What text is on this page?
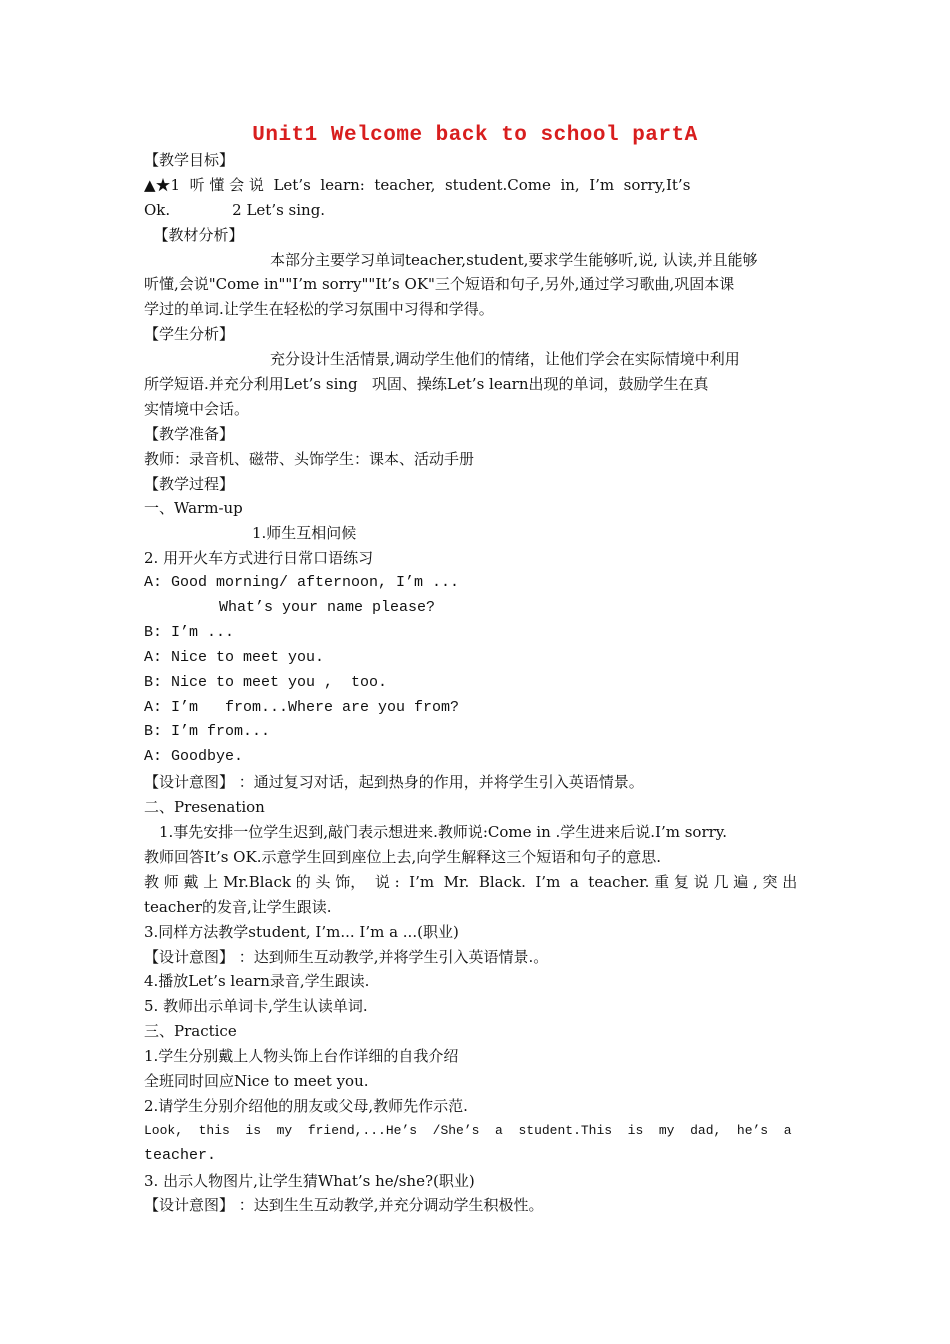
Unit1 Welcome back to school partA
【教学目标】
▲★1  听 懂 会 说  Let’s  learn:  teacher,  student.Come  in,  I’m  sorry,It’s
Ok.             2 Let’s sing.
【教材分析】
本部分主要学习单词teacher,student,要求学生能够听,说, 认读,并且能够
听懂,会说"Come in""I’m sorry""It’s OK"三个短语和句子,另外,通过学习歌曲,巩固本课
学过的单词.让学生在轻松的学习氛围中习得和学得。
【学生分析】
充分设计生活情景,调动学生他们的情绪，让他们学会在实际情境中利用
所学短语.并充分利用Let’s sing   巩固、操练Let’s learn出现的单词，鼓励学生在真
实情境中会话。
【教学准备】
教师：录音机、磁带、头饰学生：课本、活动手册
【教学过程】
一、Warm-up
1.师生互相问候
2. 用开火车方式进行日常口语练习
A: Good morning/ afternoon, I’m ...
What’s your name please?
B: I’m ...
A: Nice to meet you.
B: Nice to meet you ,  too.
A: I’m   from...Where are you from?
B: I’m from...
A: Goodbye.
【设计意图】 ：通过复习对话，起到热身的作用，并将学生引入英语情景。
二、Presenation
1.事先安排一位学生迟到,敲门表示想进来.教师说:Come in .学生进来后说.I’m sorry.
教师回答It’s OK.示意学生回到座位上去,向学生解释这三个短语和句子的意思.
教 师 戴 上 Mr.Black 的 头 饰，  说 :  I’m  Mr.  Black.  I’m  a  teacher. 重 复 说 几 遍 , 突 出
teacher的发音,让学生跟读.
3.同样方法教学student, I’m... I’m a ...(职业)
【设计意图】 ：达到师生互动教学,并将学生引入英语情景.。
4.播放Let’s learn录音,学生跟读.
5. 教师出示单词卡,学生认读单词.
三、Practice
1.学生分别戴上人物头饰上台作详细的自我介绍
全班同时回应Nice to meet you.
2.请学生分别介绍他的朋友或父母,教师先作示范.
Look,  this  is  my  friend,...He’s  /She’s  a  student.This  is  my  dad,  he’s  a
teacher.
3. 出示人物图片,让学生猜What’s he/she?(职业)
【设计意图】 ：达到生生互动教学,并充分调动学生积极性。
